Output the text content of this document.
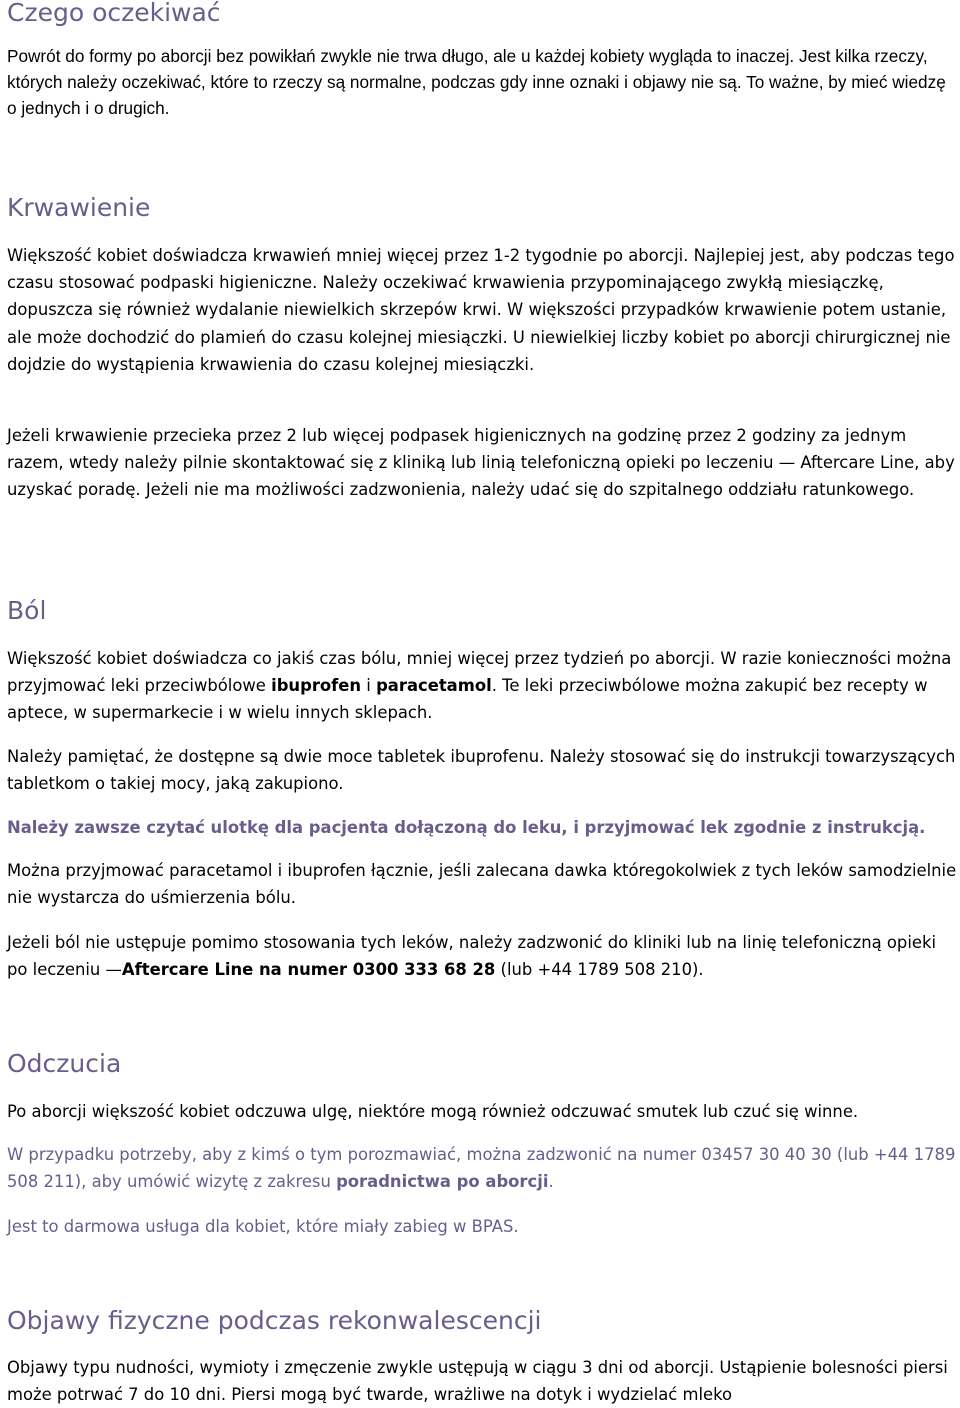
Czego oczekiwać

Powrót do formy po aborcji bez powikłań zwykle nie trwa długo, ale u każdej kobiety wygląda to inaczej. Jest kilka rzeczy, których należy oczekiwać, które to rzeczy są normalne, podczas gdy inne oznaki i objawy nie są. To ważne, by mieć wiedzę o jednych i o drugich.

Krwawienie

Większość kobiet doświadcza krwawień mniej więcej przez 1-2 tygodnie po aborcji. Najlepiej jest, aby podczas tego czasu stosować podpaski higieniczne. Należy oczekiwać krwawienia przypominającego zwykłą miesiączkę, dopuszcza się również wydalanie niewielkich skrzepów krwi. W większości przypadków krwawienie potem ustanie, ale może dochodzić do plamień do czasu kolejnej miesiączki. U niewielkiej liczby kobiet po aborcji chirurgicznej nie dojdzie do wystąpienia krwawienia do czasu kolejnej miesiączki.

Jeżeli krwawienie przecieka przez 2 lub więcej podpasek higienicznych na godzinę przez 2 godziny za jednym razem, wtedy należy pilnie skontaktować się z kliniką lub linią telefoniczną opieki po leczeniu — Aftercare Line, aby uzyskać poradę. Jeżeli nie ma możliwości zadzwonienia, należy udać się do szpitalnego oddziału ratunkowego.

Ból

Większość kobiet doświadcza co jakiś czas bólu, mniej więcej przez tydzień po aborcji. W razie konieczności można przyjmować leki przeciwbólowe ibuprofen i paracetamol. Te leki przeciwbólowe można zakupić bez recepty w aptece, w supermarkecie i w wielu innych sklepach.

Należy pamiętać, że dostępne są dwie moce tabletek ibuprofenu. Należy stosować się do instrukcji towarzyszących tabletkom o takiej mocy, jaką zakupiono.

Należy zawsze czytać ulotkę dla pacjenta dołączoną do leku, i przyjmować lek zgodnie z instrukcją.

Można przyjmować paracetamol i ibuprofen łącznie, jeśli zalecana dawka któregokolwiek z tych leków samodzielnie nie wystarcza do uśmierzenia bólu.

Jeżeli ból nie ustępuje pomimo stosowania tych leków, należy zadzwonić do kliniki lub na linię telefoniczną opieki po leczeniu —Aftercare Line na numer 0300 333 68 28 (lub +44 1789 508 210).

Odczucia

Po aborcji większość kobiet odczuwa ulgę, niektóre mogą również odczuwać smutek lub czuć się winne.

W przypadku potrzeby, aby z kimś o tym porozmawiać, można zadzwonić na numer 03457 30 40 30 (lub +44 1789 508 211), aby umówić wizytę z zakresu poradnictwa po aborcji.

Jest to darmowa usługa dla kobiet, które miały zabieg w BPAS.

Objawy fizyczne podczas rekonwalescencji

Objawy typu nudności, wymioty i zmęczenie zwykle ustępują w ciągu 3 dni od aborcji. Ustąpienie bolesności piersi może potrwać 7 do 10 dni. Piersi mogą być twarde, wrażliwe na dotyk i wydzielać mleko
